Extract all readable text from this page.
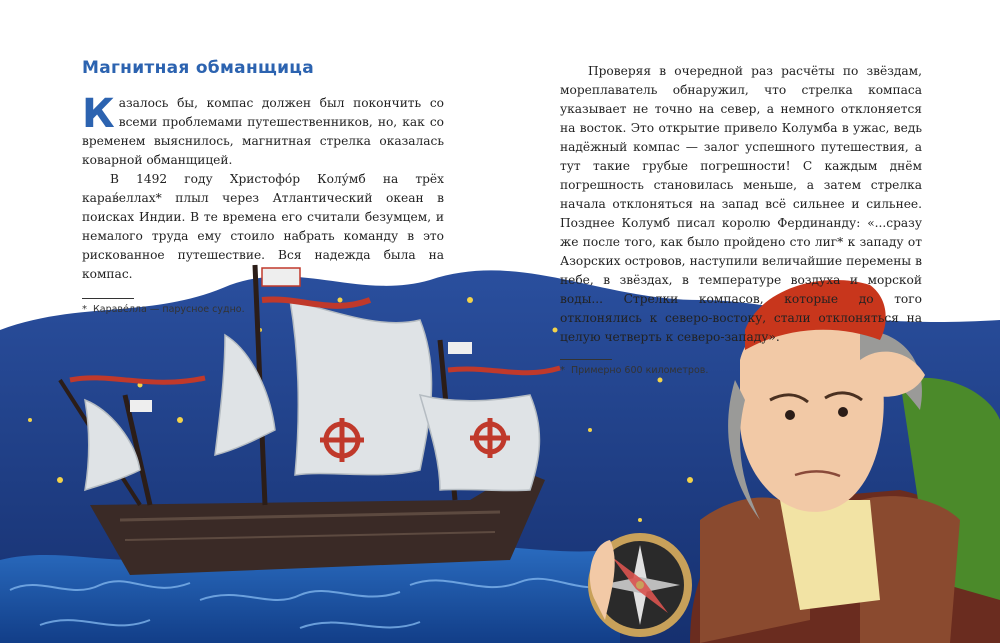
Магнитная обманщица

Казалось бы, компас должен был покончить со всеми проблемами путешественников, но, как со временем выяснилось, магнитная стрелка оказалась коварной обманщицей.

В 1492 году Христофо́р Колу́мб на трёх карав́еллах* плыл через Атлантический океан в поисках Индии. В те времена его считали безумцем, и немалого труда ему стоило набрать команду в это рискованное путешествие. Вся надежда была на компас.

* Каравéлла — парусное судно.

Проверяя в очередной раз расчёты по звёздам, мореплаватель обнаружил, что стрелка компаса указывает не точно на север, а немного отклоняется на восток. Это открытие привело Колумба в ужас, ведь надёжный компас — залог успешного путешествия, а тут такие грубые погрешности! С каждым днём погрешность становилась меньше, а затем стрелка начала отклоняться на запад всё сильнее и сильнее. Позднее Колумб писал королю Фердинанду: «...сразу же после того, как было пройдено сто лиг* к западу от Азорских островов, наступили величайшие перемены в небе, в звёздах, в температуре воздуха и морской воды... Стрелки компасов, которые до того отклонялись к северо-востоку, стали отклоняться на целую четверть к северо-западу».

* Примерно 600 километров.
